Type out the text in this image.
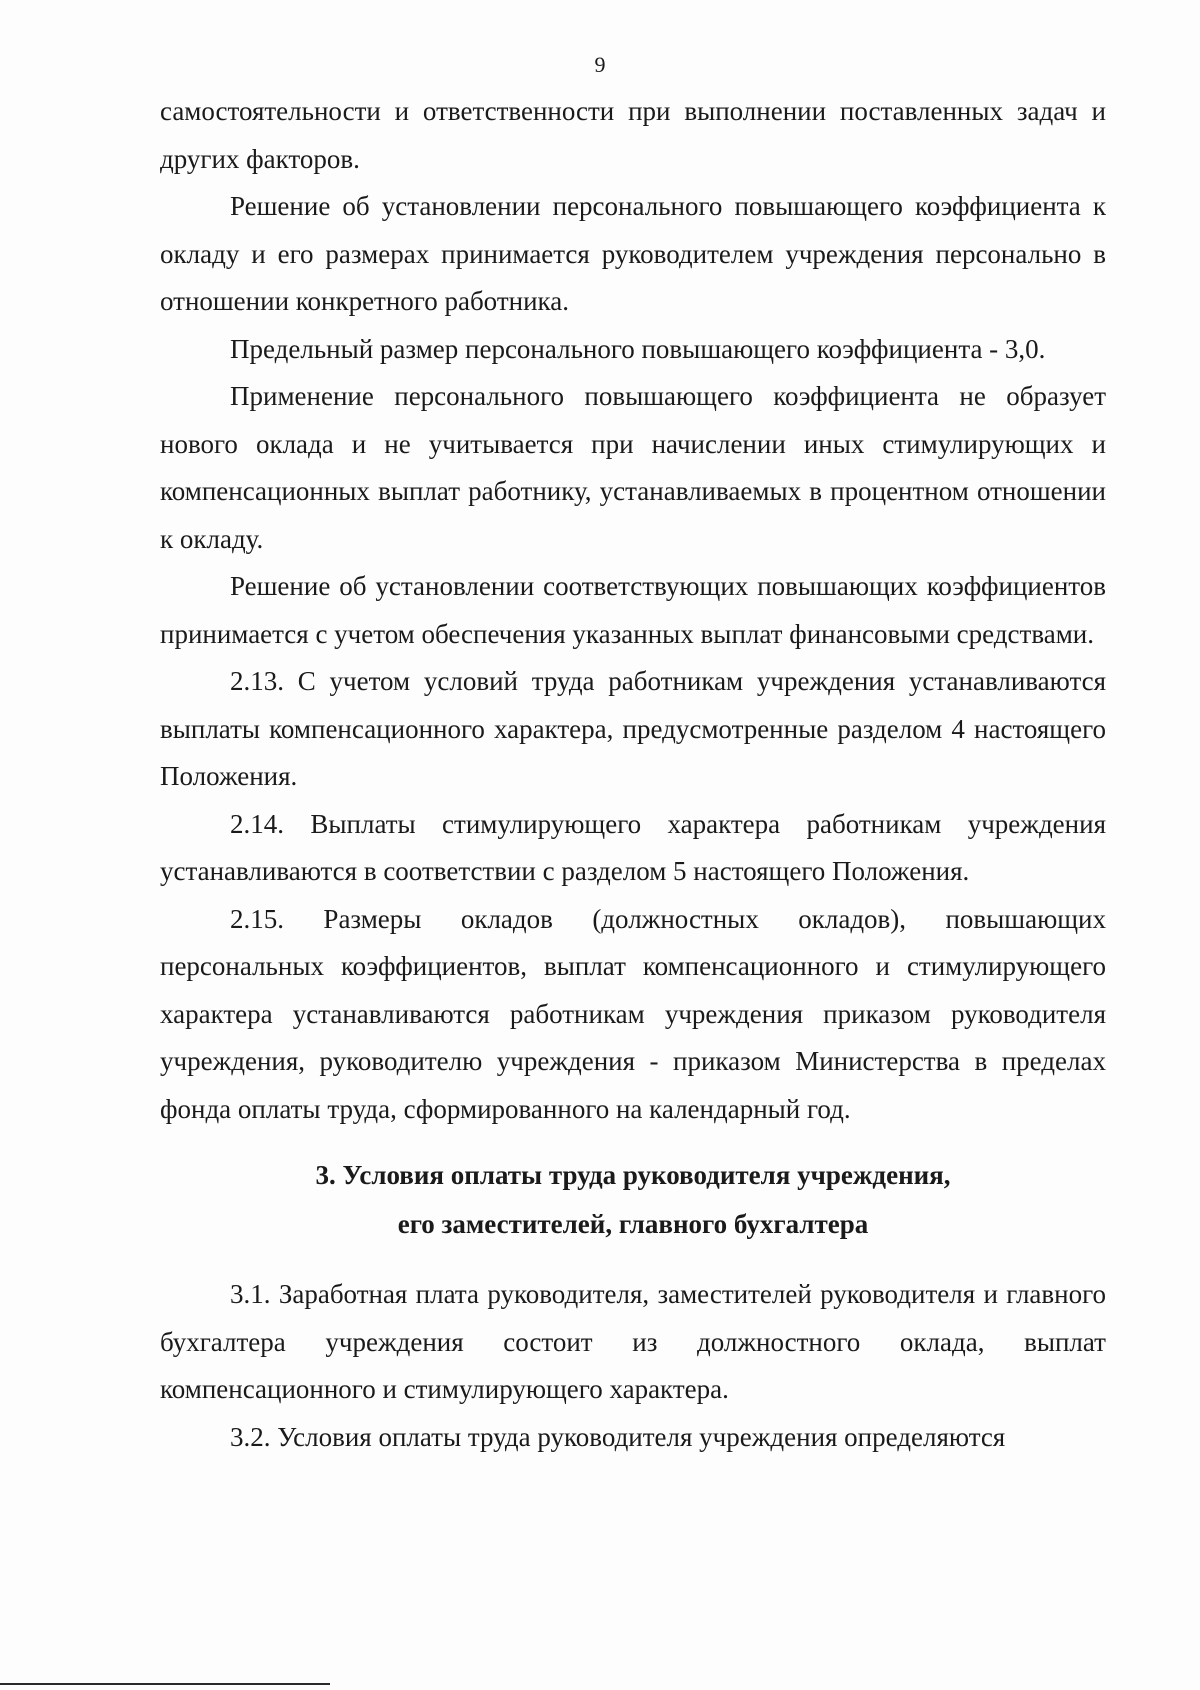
9

самостоятельности и ответственности при выполнении поставленных задач и других факторов.

Решение об установлении персонального повышающего коэффициента к окладу и его размерах принимается руководителем учреждения персонально в отношении конкретного работника.

Предельный размер персонального повышающего коэффициента - 3,0.

Применение персонального повышающего коэффициента не образует нового оклада и не учитывается при начислении иных стимулирующих и компенсационных выплат работнику, устанавливаемых в процентном отношении к окладу.

Решение об установлении соответствующих повышающих коэффициентов принимается с учетом обеспечения указанных выплат финансовыми средствами.

2.13. С учетом условий труда работникам учреждения устанавливаются выплаты компенсационного характера, предусмотренные разделом 4 настоящего Положения.

2.14. Выплаты стимулирующего характера работникам учреждения устанавливаются в соответствии с разделом 5 настоящего Положения.

2.15. Размеры окладов (должностных окладов), повышающих персональных коэффициентов, выплат компенсационного и стимулирующего характера устанавливаются работникам учреждения приказом руководителя учреждения, руководителю учреждения - приказом Министерства в пределах фонда оплаты труда, сформированного на календарный год.

3. Условия оплаты труда руководителя учреждения,
его заместителей, главного бухгалтера

3.1. Заработная плата руководителя, заместителей руководителя и главного бухгалтера учреждения состоит из должностного оклада, выплат компенсационного и стимулирующего характера.

3.2. Условия оплаты труда руководителя учреждения определяются
